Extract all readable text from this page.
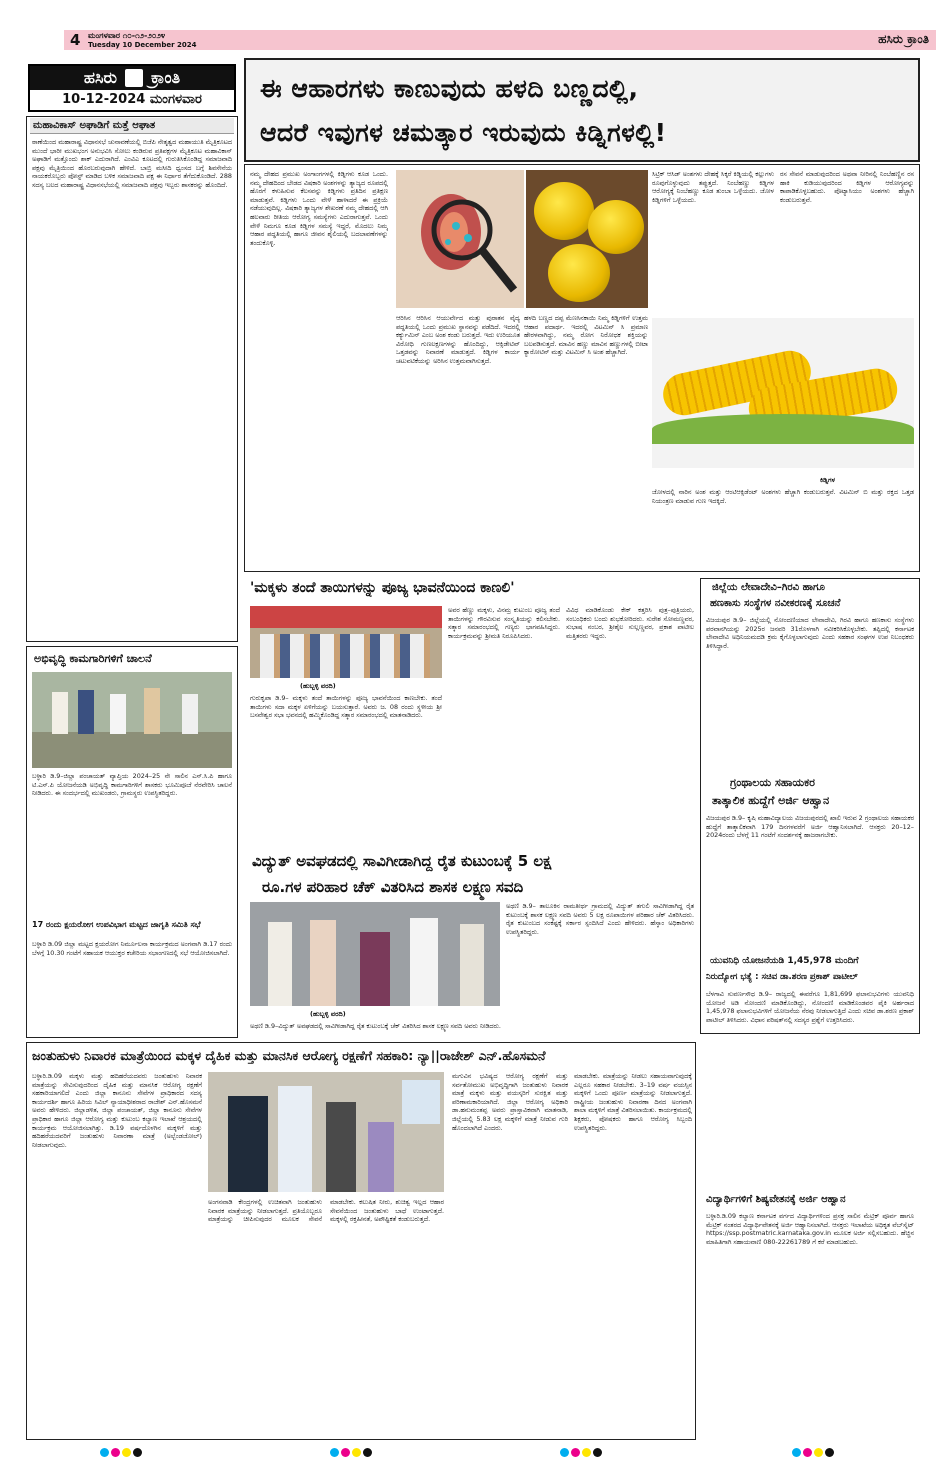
4 ಮಂಗಳವಾರ ೧೦-೧೨-೨೦೨೪
Tuesday 10 December 2024	ಹಸಿರು ಕ್ರಾಂತಿ
ಹಸಿರು ಕ್ರಾಂತಿ
10-12-2024 ಮಂಗಳವಾರ	ಈ ಆಹಾರಗಳು ಕಾಣುವುದು ಹಳದಿ ಬಣ್ಣದಲ್ಲಿ,
ಆದರೆ ಇವುಗಳ ಚಮತ್ಕಾರ ಇರುವುದು ಕಿಡ್ನಿಗಳಲ್ಲಿ!
ನಮ್ಮ ದೇಹದ ಪ್ರಮುಖ ಅಂಗಾಂಗಗಳಲ್ಲಿ ಕಿಡ್ನಿಗಳು ಕೂಡ ಒಂದು. ನಮ್ಮ ದೇಹದಿಂದ ಬೇಡದ ವಿಷಕಾರಿ ಅಂಶಗಳನ್ನು ತ್ಯಾಜ್ಯದ ರೂಪದಲ್ಲಿ ಹೊರಗೆ ಕಳುಹಿಸುವ ಕೆಲಸವನ್ನು ಕಿಡ್ನಿಗಳು ಪ್ರತಿದಿನ ಪ್ರತಿಕ್ಷಣ ಮಾಡುತ್ತವೆ. ಕಿಡ್ನಿಗಳು ಒಂದು ವೇಳೆ ಹಾಳಾದರೆ ಈ ಪ್ರಕ್ರಿಯೆ ನಡೆಯುವುದಿಲ್ಲ. ವಿಷಕಾರಿ ತ್ಯಾಜ್ಯಗಳ ಶೇಖರಣೆ ನಮ್ಮ ದೇಹದಲ್ಲಿ ಆಗಿ ಹಲವಾರು ರೀತಿಯ ಆರೋಗ್ಯ ಸಮಸ್ಯೆಗಳು ಎದುರಾಗುತ್ತವೆ. ಒಂದು ವೇಳೆ ನಿಮಗೂ ಕೂಡ ಕಿಡ್ನಿಗಳ ಸಮಸ್ಯೆ ಇದ್ದರೆ, ಮೊದಲು ನಿಮ್ಮ ಆಹಾರ ಪದ್ಧತಿಯಲ್ಲಿ ಹಾಗೂ ಜೀವನ ಶೈಲಿಯಲ್ಲಿ ಬದಲಾವಣೆಗಳನ್ನು ತಂದುಕೊಳ್ಳಿ.
ಆರಿಸಿನ ಆರಿಸಿನ ಆಯುರ್ವೇದ ಮತ್ತು ಪುರಾತನ ವೈದ್ಯ ಪದ್ಧತಿಯಲ್ಲಿ ಒಂದು ಪ್ರಮುಖ ಸ್ಥಾನವನ್ನು ಪಡೆದಿದೆ. ಇದರಲ್ಲಿ ಕರ್ಕ್ಯುಮಿನ್ ಎಂಬ ಅಂಶ ಕಂಡು ಬರುತ್ತದೆ. ಇದು ಉರಿಯೂತ ವಿರೋಧಿ ಗುಣಲಕ್ಷಣಗಳನ್ನು ಹೊಂದಿದ್ದು, ಆಕ್ಸಿಡೇಟಿವ್ ಒತ್ತಡವನ್ನು ನಿವಾರಣೆ ಮಾಡುತ್ತದೆ. ಕಿಡ್ನಿಗಳ ಕಾರ್ಯ ಚಟುವಟಿಕೆಯನ್ನು ಅರಿಸಿನ ಉತ್ತಮವಾಗಿಸುತ್ತದೆ.
ಹಳದಿ ಬಣ್ಣದ ದಪ್ಪ ಮೆಣಸಿನಕಾಯಿ ನಿಮ್ಮ ಕಿಡ್ನಿಗಳಿಗೆ ಉತ್ತಮ ಆಹಾರ ಪದಾರ್ಥ. ಇದರಲ್ಲಿ ವಿಟಮಿನ್ ಸಿ ಪ್ರಮಾಣ ಹೇರಳವಾಗಿದ್ದು, ನಮ್ಮ ರೋಗ ನಿರೋಧಕ ಶಕ್ತಿಯನ್ನು ಬಲಪಡಿಸುತ್ತದೆ. ಮಾವಿನ ಹಣ್ಣು ಮಾವಿನ ಹಣ್ಣುಗಳಲ್ಲಿ ಬೀಟಾ ಕ್ಯಾರೋಟಿನ್ ಮತ್ತು ವಿಟಮಿನ್ ಸಿ ಅಂಶ ಹೆಚ್ಚಾಗಿದೆ.
ಸಿಟ್ರಿಕ್ ಆಸಿಡ್ ಅಂಶಗಳು ದೇಹಕ್ಕೆ ಸಿಕ್ಕರೆ ಕಿಡ್ನಿಯಲ್ಲಿ ಕಲ್ಲುಗಳು ರೂಪುಗೊಳ್ಳುವುದು ತಪ್ಪುತ್ತದೆ. ನಿಂಬೆಹಣ್ಣು ಕಿಡ್ನಿಗಳ ಆರೋಗ್ಯಕ್ಕೆ ನಿಂಬೆಹಣ್ಣು ಕೂಡ ತುಂಬಾ ಒಳ್ಳೆಯದು. ಜೋಳ ಕಿಡ್ನಿಗಳಿಗೆ ಒಳ್ಳೆಯದು.
ರಸ ಸೇವನೆ ಮಾಡುವುದರಿಂದ ಅಥವಾ ನೀರಿನಲ್ಲಿ ನಿಂಬೆಹಣ್ಣಿನ ರಸ ಹಾಕಿ ಕುಡಿಯುವುದರಿಂದ ಕಿಡ್ನಿಗಳ ಆರೋಗ್ಯವನ್ನು ಕಾಪಾಡಿಕೊಳ್ಳಬಹುದು. ಪೊಟ್ಯಾಸಿಯಂ ಅಂಶಗಳು ಹೆಚ್ಚಾಗಿ ಕಂಡುಬರುತ್ತವೆ.
ಕಿಡ್ನಿಗಳ
ಜೋಳದಲ್ಲಿ ನಾರಿನ ಅಂಶ ಮತ್ತು ಆಂಟಿಆಕ್ಸಿಡೆಂಟ್ ಅಂಶಗಳು ಹೆಚ್ಚಾಗಿ ಕಂಡುಬರುತ್ತವೆ. ವಿಟಮಿನ್ ಬಿ ಮತ್ತು ರಕ್ತದ ಒತ್ತಡ ನಿಯಂತ್ರಣ ಮಾಡುವ ಗುಣ ಇದಕ್ಕಿದೆ.
ಮಹಾವಿಕಾಸ್ ಅಘಾಡಿಗೆ ಮತ್ತೆ ಆಘಾತ
ಠಾಣೆಯಿಂದ ಮಹಾರಾಷ್ಟ್ರ ವಿಧಾನಸಭೆ ಚುನಾವಣೆಯಲ್ಲಿ ಬಿಜೆಪಿ ನೇತೃತ್ವದ ಮಹಾಯುತಿ ಮೈತ್ರಿಕೂಟದ ಮುಂದೆ ಭಾರೀ ಮುಖಭಂಗ ಅನುಭವಿಸಿ ಸೋಲು ಕಂಡಿರುವ ಪ್ರತಿಪಕ್ಷಗಳ ಮೈತ್ರಿಕೂಟ ಮಹಾವಿಕಾಸ್ ಅಘಾಡಿಗೆ ಮತ್ತೊಂದು ಶಾಕ್ ಎದುರಾಗಿದೆ. ಎಂವಿಎ ಕೂಟದಲ್ಲಿ ಗುರುತಿಸಿಕೊಂಡಿದ್ದ ಸಮಾಜವಾದಿ ಪಕ್ಷವು ಮೈತ್ರಿಯಿಂದ ಹೊರಬರುವುದಾಗಿ ಹೇಳಿದೆ. ಬಾಬ್ರಿ ಮಸೀದಿ ಧ್ವಂಸದ ಬಗ್ಗೆ ಶಿವಸೇನೆಯ ನಾಯಕರೊಬ್ಬರು ಪೋಸ್ಟ್ ಮಾಡಿದ ಬಳಿಕ ಸಮಾಜವಾದಿ ಪಕ್ಷ ಈ ನಿರ್ಧಾರ ತೆಗೆದುಕೊಂಡಿದೆ. 288 ಸದಸ್ಯ ಬಲದ ಮಹಾರಾಷ್ಟ್ರ ವಿಧಾನಸಭೆಯಲ್ಲಿ ಸಮಾಜವಾದಿ ಪಕ್ಷವು ಇಬ್ಬರು ಶಾಸಕರನ್ನು ಹೊಂದಿದೆ.
ಅಭಿವೃದ್ಧಿ ಕಾಮಗಾರಿಗಳಿಗೆ ಚಾಲನೆ
ಬಳ್ಳಾರಿ ಡಿ.9–ಜಿಲ್ಲಾ ಪಂಚಾಯತ್ ವ್ಯಾಪ್ತಿಯ 2024–25 ನೇ ಸಾಲಿನ ಎಸ್.ಸಿ.ಪಿ ಹಾಗೂ ಟಿ.ಎಸ್.ಪಿ ಯೋಜನೆಯಡಿ ಅಭಿವೃದ್ಧಿ ಕಾಮಗಾರಿಗಳಿಗೆ ಶಾಸಕರು ಭೂಮಿಪೂಜೆ ನೆರವೇರಿಸಿ ಚಾಲನೆ ನೀಡಿದರು. ಈ ಸಂದರ್ಭದಲ್ಲಿ ಮುಖಂಡರು, ಗ್ರಾಮಸ್ಥರು ಉಪಸ್ಥಿತರಿದ್ದರು.
17 ರಂದು ಕ್ಷಯರೋಗ ಉಪವಿಭಾಗ ಮಟ್ಟದ ಜಾಗೃತಿ ಸಮಿತಿ ಸಭೆ
ಬಳ್ಳಾರಿ ಡಿ.09 ಜಿಲ್ಲಾ ಮಟ್ಟದ ಕ್ಷಯರೋಗ ನಿರ್ಮೂಲನಾ ಕಾರ್ಯಕ್ರಮದ ಅಂಗವಾಗಿ ಡಿ.17 ರಂದು ಬೆಳಗ್ಗೆ 10.30 ಗಂಟೆಗೆ ಸಹಾಯಕ ಆಯುಕ್ತರ ಕಚೇರಿಯ ಸಭಾಂಗಣದಲ್ಲಿ ಸಭೆ ಆಯೋಜಿಸಲಾಗಿದೆ.
'ಮಕ್ಕಳು ತಂದೆ ತಾಯಿಗಳನ್ನು ಪೂಜ್ಯ ಭಾವನೆಯಿಂದ ಕಾಣಲಿ'
(ಹುಬ್ಬಳ್ಳಿ ವರದಿ)
ಗುರುಕೃಪಾ ಡಿ.9– ಮಕ್ಕಳು ತಂದೆ ತಾಯಿಗಳನ್ನು ಪೂಜ್ಯ ಭಾವನೆಯಿಂದ ಕಾಣಬೇಕು. ತಂದೆ ತಾಯಿಗಳು ಸದಾ ಮಕ್ಕಳ ಏಳಿಗೆಯನ್ನು ಬಯಸುತ್ತಾರೆ. ಅವರು ಜ. 08 ರಂದು ಸ್ಥಳೀಯ ಶ್ರೀ ಬಸವೇಶ್ವರ ಸಭಾ ಭವನದಲ್ಲಿ ಹಮ್ಮಿಕೊಂಡಿದ್ದ ಸತ್ಕಾರ ಸಮಾರಂಭದಲ್ಲಿ ಮಾತನಾಡಿದರು.
ಅವರ ಹೆಣ್ಣು ಮಕ್ಕಳು, ವಿನಮ್ರ ಕುಟುಂಬ ಪೂಜ್ಯ ತಂದೆ ತಾಯಿಗಳನ್ನು ಗೌರವಿಸುವ ಸಂಸ್ಕೃತಿಯನ್ನು ಕಲಿಸಬೇಕು. ಸತ್ಕಾರ ಸಮಾರಂಭದಲ್ಲಿ ಗಣ್ಯರು ಭಾಗವಹಿಸಿದ್ದರು. ಕಾರ್ಯಕ್ರಮವನ್ನು ಶ್ರೀಮತಿ ನಿರೂಪಿಸಿದರು.
ವಿವಿಧ ಮಾಡಿಕೊಂಡು ಕೇಕ್ ಕತ್ತರಿಸಿ ಪುತ್ರ–ಪುತ್ರಿಯರು, ಸಂಬಂಧಿಕರು ಬಂದು ಶುಭಕೋರಿದರು. ಸುರೇಶ ಸೋಮಣ್ಣವರ, ಸುಭಾಷ ನಂಬರ, ಶ್ರೀಶೈಲ ಸುಲ್ಲಣ್ಣವರ, ಪ್ರಕಾಶ ಪಾಟೀಲ ಮತ್ತಿತರರು ಇದ್ದರು.
ವಿದ್ಯುತ್ ಅವಘಡದಲ್ಲಿ ಸಾವಿಗೀಡಾಗಿದ್ದ ರೈತ ಕುಟುಂಬಕ್ಕೆ 5 ಲಕ್ಷ
ರೂ.ಗಳ ಪರಿಹಾರ ಚೆಕ್ ವಿತರಿಸಿದ ಶಾಸಕ ಲಕ್ಷ್ಮಣ ಸವದಿ
(ಹುಬ್ಬಳ್ಳಿ ವರದಿ)
ಅಥಣಿ ಡಿ.9– ತಾಲೂಕಿನ ರಾಮತೀರ್ಥ ಗ್ರಾಮದಲ್ಲಿ ವಿದ್ಯುತ್ ತಗುಲಿ ಸಾವಿಗೀಡಾಗಿದ್ದ ರೈತ ಕುಟುಂಬಕ್ಕೆ ಶಾಸಕ ಲಕ್ಷ್ಮಣ ಸವದಿ ಅವರು 5 ಲಕ್ಷ ರೂಪಾಯಿಗಳ ಪರಿಹಾರ ಚೆಕ್ ವಿತರಿಸಿದರು. ರೈತ ಕುಟುಂಬದ ಸಂಕಷ್ಟಕ್ಕೆ ಸರ್ಕಾರ ಸ್ಪಂದಿಸಿದೆ ಎಂದು ಹೇಳಿದರು. ಹೆಸ್ಕಾಂ ಅಧಿಕಾರಿಗಳು ಉಪಸ್ಥಿತರಿದ್ದರು.
ಅಥಣಿ ಡಿ.9–ವಿದ್ಯುತ್ ಅವಘಡದಲ್ಲಿ ಸಾವಿಗೀಡಾಗಿದ್ದ ರೈತ ಕುಟುಂಬಕ್ಕೆ ಚೆಕ್ ವಿತರಿಸಿದ ಶಾಸಕ ಲಕ್ಷ್ಮಣ ಸವದಿ ಅವರು ನೀಡಿದರು.
ಜಿಲ್ಲೆಯ ಲೇವಾದೇವಿ–ಗಿರವಿ ಹಾಗೂ
ಹಣಕಾಸು ಸಂಸ್ಥೆಗಳ ನವೀಕರಣಕ್ಕೆ ಸೂಚನೆ
ವಿಜಯಪುರ ಡಿ.9– ಜಿಲ್ಲೆಯಲ್ಲಿ ನೋಂದಣಿಯಾದ ಲೇವಾದೇವಿ, ಗಿರವಿ ಹಾಗೂ ಹಣಕಾಸು ಸಂಸ್ಥೆಗಳು ಪರವಾನಗಿಯನ್ನು 2025ರ ಜನವರಿ 31ರೊಳಗಾಗಿ ನವೀಕರಿಸಿಕೊಳ್ಳಬೇಕು. ತಪ್ಪಿದಲ್ಲಿ ಕರ್ನಾಟಕ ಲೇವಾದೇವಿ ಅಧಿನಿಯಮದಡಿ ಕ್ರಮ ಕೈಗೊಳ್ಳಲಾಗುವುದು ಎಂದು ಸಹಕಾರ ಸಂಘಗಳ ಉಪ ನಿಬಂಧಕರು ತಿಳಿಸಿದ್ದಾರೆ.
ಗ್ರಂಥಾಲಯ ಸಹಾಯಕರ
ತಾತ್ಕಾಲಿಕ ಹುದ್ದೆಗೆ ಅರ್ಜಿ ಆಹ್ವಾನ
ವಿಜಯಪುರ ಡಿ.9– ಕೃಷಿ ಮಹಾವಿದ್ಯಾಲಯ ವಿಜಯಪುರದಲ್ಲಿ ಖಾಲಿ ಇರುವ 2 ಗ್ರಂಥಾಲಯ ಸಹಾಯಕರ ಹುದ್ದೆಗೆ ತಾತ್ಕಾಲಿಕವಾಗಿ 179 ದಿನಗಳವರೆಗೆ ಅರ್ಜಿ ಆಹ್ವಾನಿಸಲಾಗಿದೆ. ಆಸಕ್ತರು 20–12–2024ರಂದು ಬೆಳಗ್ಗೆ 11 ಗಂಟೆಗೆ ಸಂದರ್ಶನಕ್ಕೆ ಹಾಜರಾಗಬೇಕು.
ಯುವನಿಧಿ ಯೋಜನೆಯಡಿ 1,45,978 ಮಂದಿಗೆ
ನಿರುದ್ಯೋಗ ಭತ್ಯೆ : ಸಚಿವ ಡಾ.ಶರಣ ಪ್ರಕಾಶ್ ಪಾಟೀಲ್
ಬೆಳಗಾವಿ ಸುವರ್ಣಸೌಧ ಡಿ.9– ರಾಜ್ಯದಲ್ಲಿ ಈವರೆಗೂ 1,81,699 ಫಲಾನುಭವಿಗಳು ಯುವನಿಧಿ ಯೋಜನೆ ಅಡಿ ನೋಂದಣಿ ಮಾಡಿಕೊಂಡಿದ್ದು, ನೋಂದಣಿ ಮಾಡಿಕೊಂಡವರ ಪೈಕಿ ಅರ್ಹರಾದ 1,45,978 ಫಲಾನುಭವಿಗಳಿಗೆ ಯೋಜನೆಯ ನೆರವು ನೀಡಲಾಗುತ್ತಿದೆ ಎಂದು ಸಚಿವ ಡಾ.ಶರಣ ಪ್ರಕಾಶ್ ಪಾಟೀಲ್ ತಿಳಿಸಿದರು. ವಿಧಾನ ಪರಿಷತ್‌ನಲ್ಲಿ ಸದಸ್ಯರ ಪ್ರಶ್ನೆಗೆ ಉತ್ತರಿಸಿದರು.
ವಿದ್ಯಾರ್ಥಿಗಳಿಗೆ ಶಿಷ್ಯವೇತನಕ್ಕೆ ಅರ್ಜಿ ಆಹ್ವಾನ
ಬಳ್ಳಾರಿ.ಡಿ.09 ಕಲ್ಯಾಣ ಕರ್ನಾಟಕ ವರ್ಗದ ವಿದ್ಯಾರ್ಥಿಗಳಿಂದ ಪ್ರಸಕ್ತ ಸಾಲಿನ ಮೆಟ್ರಿಕ್ ಪೂರ್ವ ಹಾಗೂ ಮೆಟ್ರಿಕ್ ನಂತರದ ವಿದ್ಯಾರ್ಥಿವೇತನಕ್ಕೆ ಅರ್ಜಿ ಆಹ್ವಾನಿಸಲಾಗಿದೆ. ಆಸಕ್ತರು ಇಲಾಖೆಯ ಅಧಿಕೃತ ವೆಬ್‌ಸೈಟ್ https://ssp.postmatric.karnataka.gov.in ಮೂಲಕ ಅರ್ಜಿ ಸಲ್ಲಿಸಬಹುದು. ಹೆಚ್ಚಿನ ಮಾಹಿತಿಗಾಗಿ ಸಹಾಯವಾಣಿ 080-22261789 ಗೆ ಕರೆ ಮಾಡಬಹುದು.
ಜಂತುಹುಳು ನಿವಾರಕ ಮಾತ್ರೆಯಿಂದ ಮಕ್ಕಳ ದೈಹಿಕ ಮತ್ತು ಮಾನಸಿಕ ಆರೋಗ್ಯ ರಕ್ಷಣೆಗೆ ಸಹಕಾರಿ: ನ್ಯಾ||ರಾಜೇಶ್ ಎನ್.ಹೊಸಮನೆ
ಬಳ್ಳಾರಿ.ಡಿ.09 ಮಕ್ಕಳು ಮತ್ತು ಹದಿಹರೆಯದವರು ಜಂತುಹುಳು ನಿವಾರಕ ಮಾತ್ರೆಯನ್ನು ಸೇವಿಸುವುದರಿಂದ ದೈಹಿಕ ಮತ್ತು ಮಾನಸಿಕ ಆರೋಗ್ಯ ರಕ್ಷಣೆಗೆ ಸಹಕಾರಿಯಾಗಲಿದೆ ಎಂದು ಜಿಲ್ಲಾ ಕಾನೂನು ಸೇವೆಗಳ ಪ್ರಾಧಿಕಾರದ ಸದಸ್ಯ ಕಾರ್ಯದರ್ಶಿ ಹಾಗೂ ಹಿರಿಯ ಸಿವಿಲ್ ನ್ಯಾಯಾಧೀಶರಾದ ರಾಜೇಶ್ ಎನ್.ಹೊಸಮನೆ ಅವರು ಹೇಳಿದರು. ಜಿಲ್ಲಾಡಳಿತ, ಜಿಲ್ಲಾ ಪಂಚಾಯತ್, ಜಿಲ್ಲಾ ಕಾನೂನು ಸೇವೆಗಳ ಪ್ರಾಧಿಕಾರ ಹಾಗೂ ಜಿಲ್ಲಾ ಆರೋಗ್ಯ ಮತ್ತು ಕುಟುಂಬ ಕಲ್ಯಾಣ ಇಲಾಖೆ ಆಶ್ರಯದಲ್ಲಿ ಕಾರ್ಯಕ್ರಮ ಆಯೋಜಿಸಲಾಗಿತ್ತು. ಡಿ.19 ವರ್ಷದೊಳಗಿನ ಮಕ್ಕಳಿಗೆ ಮತ್ತು ಹದಿಹರೆಯದವರಿಗೆ ಜಂತುಹುಳು ನಿವಾರಣಾ ಮಾತ್ರೆ (ಅಲ್ಬೆಂಡಜೋಲ್) ನೀಡಲಾಗುವುದು.
ಅಂಗನವಾಡಿ ಕೇಂದ್ರಗಳಲ್ಲಿ ಉಚಿತವಾಗಿ ಜಂತುಹುಳು ನಿವಾರಕ ಮಾತ್ರೆಯನ್ನು ನೀಡಲಾಗುತ್ತದೆ. ಪ್ರತಿಯೊಬ್ಬರೂ ಮಾತ್ರೆಯನ್ನು ಚೀಪಿಸುವುದರ ಮೂಲಕ ಸೇವನೆ ಮಾಡಬೇಕು. ಕಲುಷಿತ ನೀರು, ಶುಚಿತ್ವ ಇಲ್ಲದ ಆಹಾರ ಸೇವನೆಯಿಂದ ಜಂತುಹುಳು ಬಾಧೆ ಉಂಟಾಗುತ್ತದೆ. ಮಕ್ಕಳಲ್ಲಿ ರಕ್ತಹೀನತೆ, ಅಪೌಷ್ಟಿಕತೆ ಕಂಡುಬರುತ್ತದೆ.
ಮಗುವಿನ ಭವಿಷ್ಯದ ಆರೋಗ್ಯ ರಕ್ಷಣೆಗೆ ಮತ್ತು ಸರ್ವತೋಮುಖ ಅಭಿವೃದ್ಧಿಗಾಗಿ ಜಂತುಹುಳು ನಿವಾರಕ ಮಾತ್ರೆ ಮಕ್ಕಳು ಮತ್ತು ವಯಸ್ಕರಿಗೆ ಸುರಕ್ಷಿತ ಮತ್ತು ಪರಿಣಾಮಕಾರಿಯಾಗಿದೆ. ಜಿಲ್ಲಾ ಆರೋಗ್ಯ ಅಧಿಕಾರಿ ಡಾ.ಹನುಮಂತಪ್ಪ ಅವರು ಪ್ರಾಸ್ತಾವಿಕವಾಗಿ ಮಾತನಾಡಿ, ಜಿಲ್ಲೆಯಲ್ಲಿ 5.83 ಲಕ್ಷ ಮಕ್ಕಳಿಗೆ ಮಾತ್ರೆ ನೀಡುವ ಗುರಿ ಹೊಂದಲಾಗಿದೆ ಎಂದರು.
ಮಾಡಬೇಕು. ಮಾತ್ರೆಯನ್ನು ನೀಡಲು ಸಹಾಯವಾಗುವುದಕ್ಕೆ ಎಲ್ಲರೂ ಸಹಕಾರ ನೀಡಬೇಕು. 3–19 ವರ್ಷ ವಯಸ್ಸಿನ ಮಕ್ಕಳಿಗೆ ಒಂದು ಪೂರ್ಣ ಮಾತ್ರೆಯನ್ನು ನೀಡಲಾಗುತ್ತದೆ. ರಾಷ್ಟ್ರೀಯ ಜಂತುಹುಳು ನಿವಾರಣಾ ದಿನದ ಅಂಗವಾಗಿ ಶಾಲಾ ಮಕ್ಕಳಿಗೆ ಮಾತ್ರೆ ವಿತರಿಸಲಾಯಿತು. ಕಾರ್ಯಕ್ರಮದಲ್ಲಿ ಶಿಕ್ಷಕರು, ಪೋಷಕರು ಹಾಗೂ ಆರೋಗ್ಯ ಸಿಬ್ಬಂದಿ ಉಪಸ್ಥಿತರಿದ್ದರು.
